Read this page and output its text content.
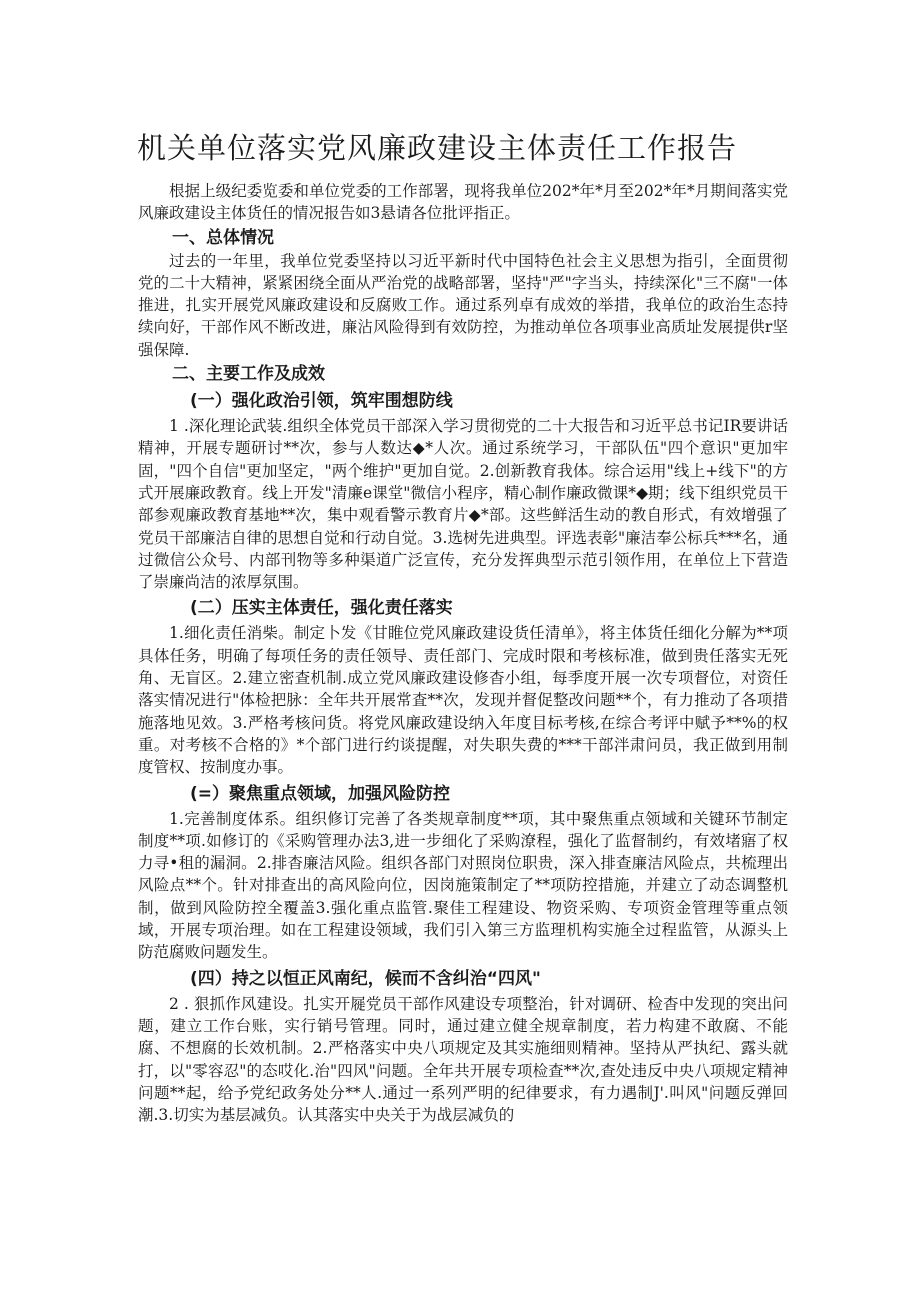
机关单位落实党风廉政建设主体责任工作报告

根据上级纪委览委和单位党委的工作部署，现将我单位202*年*月至202*年*月期间落实党风廉政建设主体货任的情况报告如3悬请各位批评指正。

一、总体情况

过去的一年里，我单位党委坚持以习近平新时代中国特色社会主义思想为指引，全面贯彻党的二十大精神，紧紧困绕全面从严治党的战略部署，坚持"严"字当头，持续深化"三不腐"一体推进，扎实开展党风廉政建设和反腐败工作。通过系列卓有成效的举措，我单位的政治生态持续向好，干部作风不断改进，廉沾风险得到有效防控，为推动单位各项事业高质址发展提供r坚强保障.

二、主要工作及成效
(一）强化政治引领，筑牢围想防线

1 .深化理论武装.组织全体党员干部深入学习贯彻党的二十大报告和习近平总书记IR要讲话精神，开展专题研讨**次，参与人数达◆*人次。通过系统学习，干部队伍"四个意识"更加牢固，"四个自信"更加坚定，"两个维护"更加自觉。2.创新教育我体。综合运用"线上+线下"的方式开展廉政教育。线上开发"清廉e课堂"微信小程序，精心制作廉政微课*◆期；线下组织党员干部参观廉政教育基地**次，集中观看警示教育片◆*部。这些鲜活生动的教自形式，有效增强了党员干部廉洁自律的思想自觉和行动自觉。3.选树先进典型。评选表彰"廉洁奉公标兵***名，通过微信公众号、内部刊物等多种渠道广泛宣传，充分发挥典型示范引领作用，在单位上下营造了崇廉尚洁的浓厚氛围。

(二）压实主体责任，强化责任落实

1.细化责任消柴。制定卜发《甘睢位党风廉政建设货任清单》，将主体货任细化分解为**项具体任务，明确了每项任务的责任领导、责任部门、完成时限和考核标准，做到贵任落实无死角、无盲区。2.建立密查机制.成立党风廉政建设修杳小组，每季度开展一次专项督位，对资任落实情况进行"体检把脉：全年共开展常査**次，发现并督促整改问题**个，有力推动了各项措施落地见效。3.严格考核问货。将党风廉政建设纳入年度目标考核,在综合考评中赋予**%的权重。对考核不合格的》*个部门进行约谈提醒，对失职失费的***干部泮肃问员，我正做到用制度管权、按制度办事。

(=）聚焦重点领域，加强风险防控

1.完善制度体系。组织修订完善了各类规章制度**项，其中聚焦重点领域和关键环节制定制度**项.如修订的《采购管理办法3,进一步细化了采购潦程，强化了监督制约，有效堵寤了权力寻•租的漏洞。2.排杳廉洁风险。组织各部门对照岗位职贵，深入排查廉洁风险点，共梳理出风险点**个。针对排查出的高风险向位，因岗施策制定了**项防控措施，并建立了动态调整机制，做到风险防控全覆盖3.强化重点监管.聚佳工程建设、物资采购、专项资金管理等重点领域，开展专项治理。如在工程建设领域，我们引入第三方监理机构实施全过程监管，从源头上防范腐败问题发生。

(四）持之以恒正风南纪，候而不含纠治“四风"

2 . 狠抓作风建设。扎实开屣党员干部作风建设专项整治，针对调研、检杳中发现的突出问题，建立工作台账，实行销号管理。同时，通过建立健全规章制度，若力构建不敢腐、不能腐、不想腐的长效机制。2.严格落实中央八项规定及其实施细则精神。坚持从严执纪、露头就打，以"零容忍"的态哎化.治"四风"问题。全年共开展专项检查**次,查处违反中央八项规定精神问题**起，给予党纪政务处分**人.通过一系列严明的纪律要求，有力遇制J'.叫风"问题反弹回潮.3.切实为基层减负。认其落实中央关于为战层减负的
